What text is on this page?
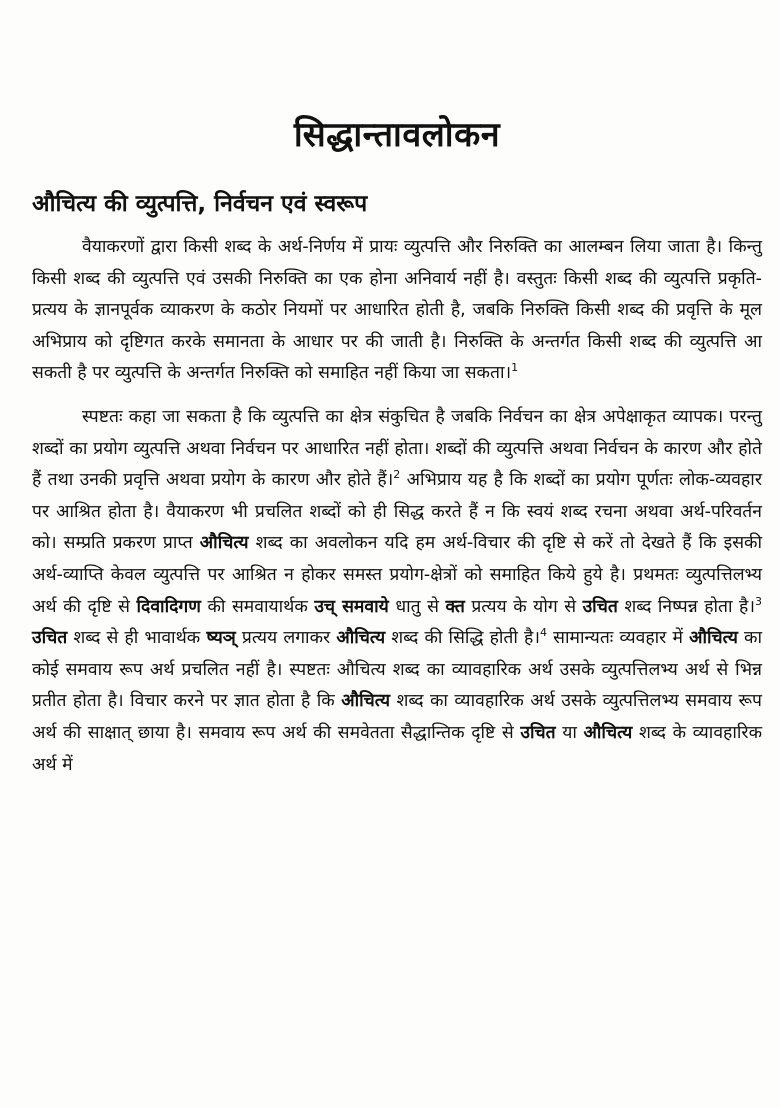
सिद्धान्तावलोकन
औचित्य की व्युत्पत्ति, निर्वचन एवं स्वरूप

वैयाकरणों द्वारा किसी शब्द के अर्थ-निर्णय में प्रायः व्युत्पत्ति और निरुक्ति का आलम्बन लिया जाता है। किन्तु किसी शब्द की व्युत्पत्ति एवं उसकी निरुक्ति का एक होना अनिवार्य नहीं है। वस्तुतः किसी शब्द की व्युत्पत्ति प्रकृति-प्रत्यय के ज्ञानपूर्वक व्याकरण के कठोर नियमों पर आधारित होती है, जबकि निरुक्ति किसी शब्द की प्रवृत्ति के मूल अभिप्राय को दृष्टिगत करके समानता के आधार पर की जाती है। निरुक्ति के अन्तर्गत किसी शब्द की व्युत्पत्ति आ सकती है पर व्युत्पत्ति के अन्तर्गत निरुक्ति को समाहित नहीं किया जा सकता।$^1$

स्पष्टतः कहा जा सकता है कि व्युत्पत्ति का क्षेत्र संकुचित है जबकि निर्वचन का क्षेत्र अपेक्षाकृत व्यापक। परन्तु शब्दों का प्रयोग व्युत्पत्ति अथवा निर्वचन पर आधारित नहीं होता। शब्दों की व्युत्पत्ति अथवा निर्वचन के कारण और होते हैं तथा उनकी प्रवृत्ति अथवा प्रयोग के कारण और होते हैं।$^2$ अभिप्राय यह है कि शब्दों का प्रयोग पूर्णतः लोक-व्यवहार पर आश्रित होता है। वैयाकरण भी प्रचलित शब्दों को ही सिद्ध करते हैं न कि स्वयं शब्द रचना अथवा अर्थ-परिवर्तन को। सम्प्रति प्रकरण प्राप्त औचित्य शब्द का अवलोकन यदि हम अर्थ-विचार की दृष्टि से करें तो देखते हैं कि इसकी अर्थ-व्याप्ति केवल व्युत्पत्ति पर आश्रित न होकर समस्त प्रयोग-क्षेत्रों को समाहित किये हुये है। प्रथमतः व्युत्पत्तिलभ्य अर्थ की दृष्टि से दिवादिगण की समवायार्थक उच् समवाये धातु से क्त प्रत्यय के योग से उचित शब्द निष्पन्न होता है।$^3$ उचित शब्द से ही भावार्थक ष्यञ् प्रत्यय लगाकर औचित्य शब्द की सिद्धि होती है।$^4$ सामान्यतः व्यवहार में औचित्य का कोई समवाय रूप अर्थ प्रचलित नहीं है। स्पष्टतः औचित्य शब्द का व्यावहारिक अर्थ उसके व्युत्पत्तिलभ्य अर्थ से भिन्न प्रतीत होता है। विचार करने पर ज्ञात होता है कि औचित्य शब्द का व्यावहारिक अर्थ उसके व्युत्पत्तिलभ्य समवाय रूप अर्थ की साक्षात् छाया है। समवाय रूप अर्थ की समवेतता सैद्धान्तिक दृष्टि से उचित या औचित्य शब्द के व्यावहारिक अर्थ में
